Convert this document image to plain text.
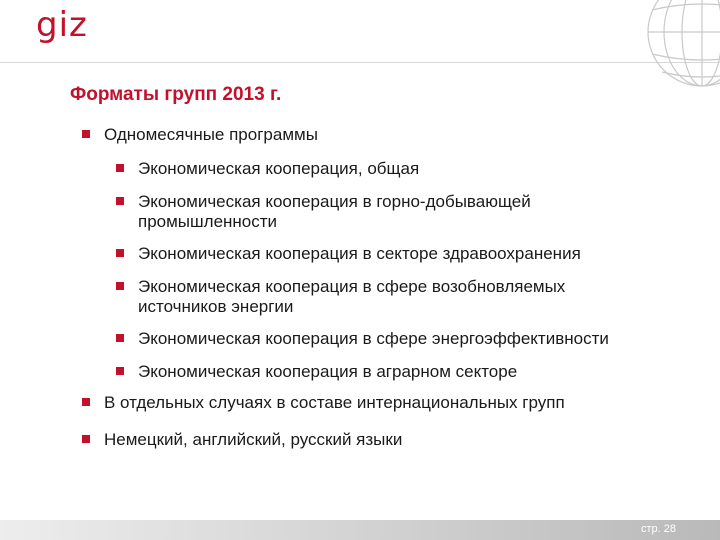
giz
Форматы групп 2013 г.
Одномесячные программы
Экономическая кооперация, общая
Экономическая кооперация в горно-добывающей промышленности
Экономическая кооперация в секторе здравоохранения
Экономическая кооперация в сфере возобновляемых источников энергии
Экономическая кооперация в сфере энергоэффективности
Экономическая кооперация в аграрном секторе
В отдельных случаях в составе интернациональных групп
Немецкий, английский, русский языки
стр. 28
